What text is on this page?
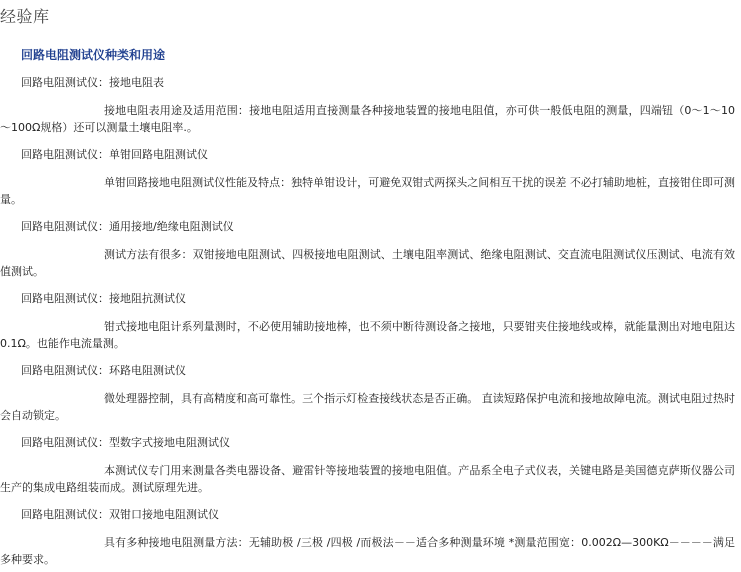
经验库
回路电阻测试仪种类和用途

回路电阻测试仪：接地电阻表

接地电阻表用途及适用范围：接地电阻适用直接测量各种接地装置的接地电阻值，亦可供一般低电阻的测量，四端钮（0～1～10～100Ω规格）还可以测量土壤电阻率.。

回路电阻测试仪：单钳回路电阻测试仪

单钳回路接地电阻测试仪性能及特点：独特单钳设计，可避免双钳式两探头之间相互干扰的误差 不必打辅助地桩，直接钳住即可测量。

回路电阻测试仪：通用接地/绝缘电阻测试仪

测试方法有很多：双钳接地电阻测试、四极接地电阻测试、土壤电阻率测试、绝缘电阻测试、交直流电阻测试仪压测试、电流有效值测试。

回路电阻测试仪：接地阻抗测试仪

钳式接地电阻计系列量测时，不必使用辅助接地棒，也不须中断待测设备之接地，只要钳夹住接地线或棒，就能量测出对地电阻达0.1Ω。也能作电流量测。

回路电阻测试仪：环路电阻测试仪

微处理器控制，具有高精度和高可靠性。三个指示灯检查接线状态是否正确。 直读短路保护电流和接地故障电流。测试电阻过热时会自动锁定。

回路电阻测试仪：型数字式接地电阻测试仪

本测试仪专门用来测量各类电器设备、避雷针等接地装置的接地电阻值。产品系全电子式仪表，关键电路是美国德克萨斯仪器公司生产的集成电路组装而成。测试原理先进。

回路电阻测试仪：双钳口接地电阻测试仪

具有多种接地电阻测量方法：无辅助极 /三极 /四极 /而极法－－适合多种测量环境 *测量范围宽：0.002Ω—300KΩ－－－－满足多种要求。
